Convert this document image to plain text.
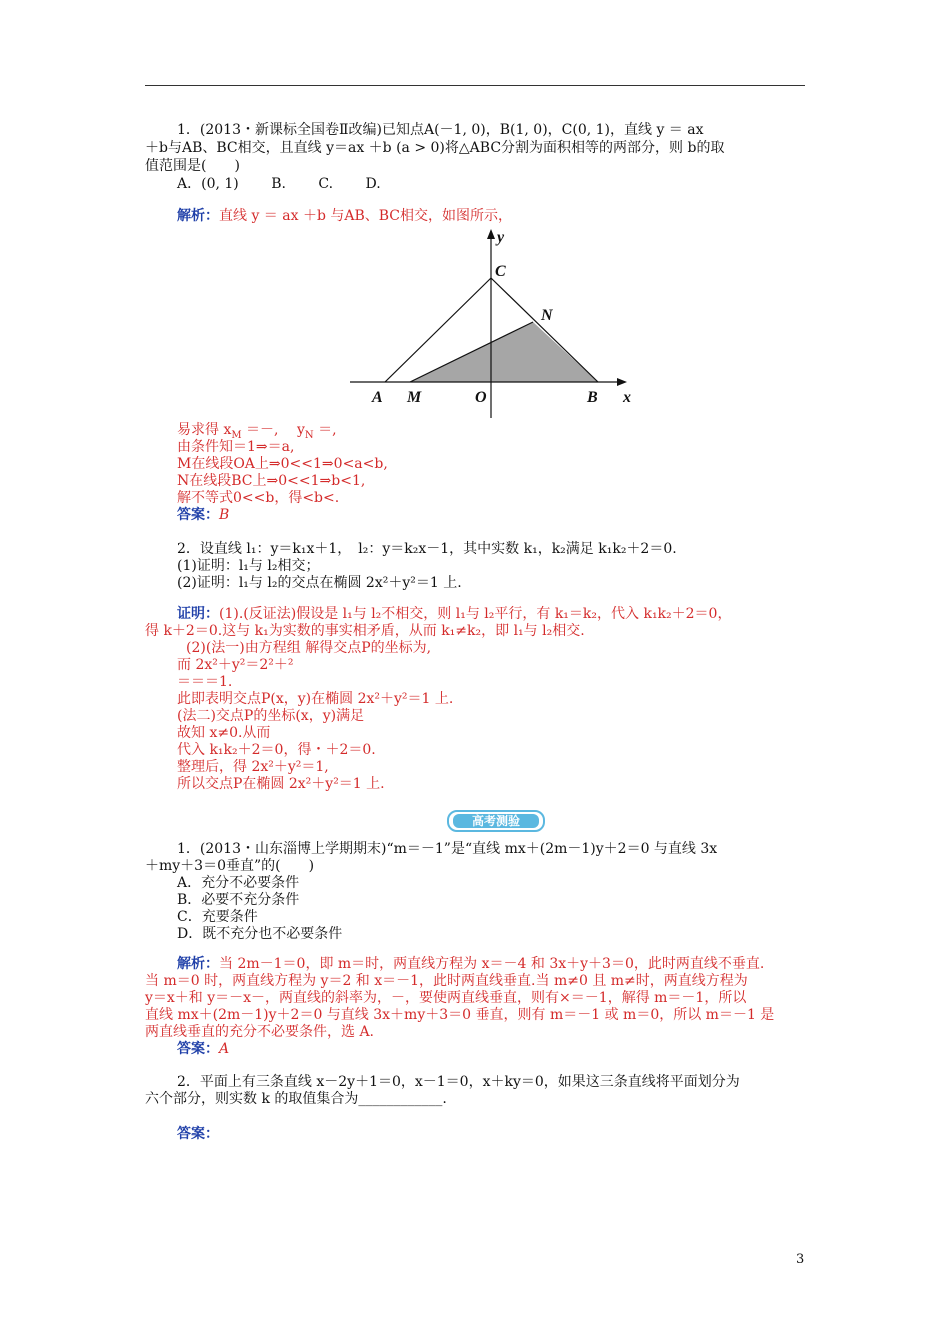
1．(2013・新课标全国卷Ⅱ改编)已知点A(－1, 0)，B(1, 0)，C(0, 1)，直线 y ＝ ax
＋b与AB、BC相交，且直线 y＝ax ＋b (a > 0)将△ABC分割为面积相等的两部分，则 b的取
值范围是(　　)
A．(0, 1)　　 B.　　 C.　　 D.
解析：直线 y ＝ ax ＋b 与AB、BC相交，如图所示，
y
x
C
N
A M	O	B
易求得 $x_M$ ＝－,　 $y_N$ ＝,
由条件知＝1⇒＝a,
M在线段OA上⇒0<<1⇒0<a<b,
N在线段BC上⇒0<<1⇒b<1,
解不等式0<<b，得<b<.
答案：B
2．设直线 l₁：y＝k₁x＋1，　l₂：y＝k₂x－1，其中实数 k₁，k₂满足 k₁k₂＋2＝0.
(1)证明：l₁与 l₂相交；
(2)证明：l₁与 l₂的交点在椭圆 2x²＋y²＝1 上.
证明：(1).(反证法)假设是 l₁与 l₂不相交，则 l₁与 l₂平行，有 k₁＝k₂，代入 k₁k₂＋2＝0，
得 k＋2＝0.这与 k₁为实数的事实相矛盾，从而 k₁≠k₂，即 l₁与 l₂相交.
(2)(法一)由方程组 解得交点P的坐标为,
而 2x²＋y²＝2²＋²
＝＝＝1.
此即表明交点P(x，y)在椭圆 2x²＋y²＝1 上.
(法二)交点P的坐标(x，y)满足
故知 x≠0.从而
代入 k₁k₂＋2＝0，得・＋2＝0.
整理后，得 2x²＋y²＝1,
所以交点P在椭圆 2x²＋y²＝1 上.
高考测验
1．(2013・山东淄博上学期期末)“m＝－1”是“直线 mx＋(2m－1)y＋2＝0 与直线 3x
＋my＋3＝0垂直”的(　　)
A．充分不必要条件
B．必要不充分条件
C．充要条件
D．既不充分也不必要条件
解析：当 2m－1＝0，即 m＝时，两直线方程为 x＝－4 和 3x＋y＋3＝0，此时两直线不垂直.
当 m＝0 时，两直线方程为 y＝2 和 x＝－1，此时两直线垂直.当 m≠0 且 m≠时，两直线方程为
y＝x＋和 y＝－x－，两直线的斜率为，－，要使两直线垂直，则有×＝－1，解得 m＝－1，所以
直线 mx＋(2m－1)y＋2＝0 与直线 3x＋my＋3＝0 垂直，则有 m＝－1 或 m＝0，所以 m＝－1 是
两直线垂直的充分不必要条件，选 A.
答案：A
2．平面上有三条直线 x－2y＋1＝0，x－1＝0，x＋ky＝0，如果这三条直线将平面划分为
六个部分，则实数 k 的取值集合为____________.
答案：
3
